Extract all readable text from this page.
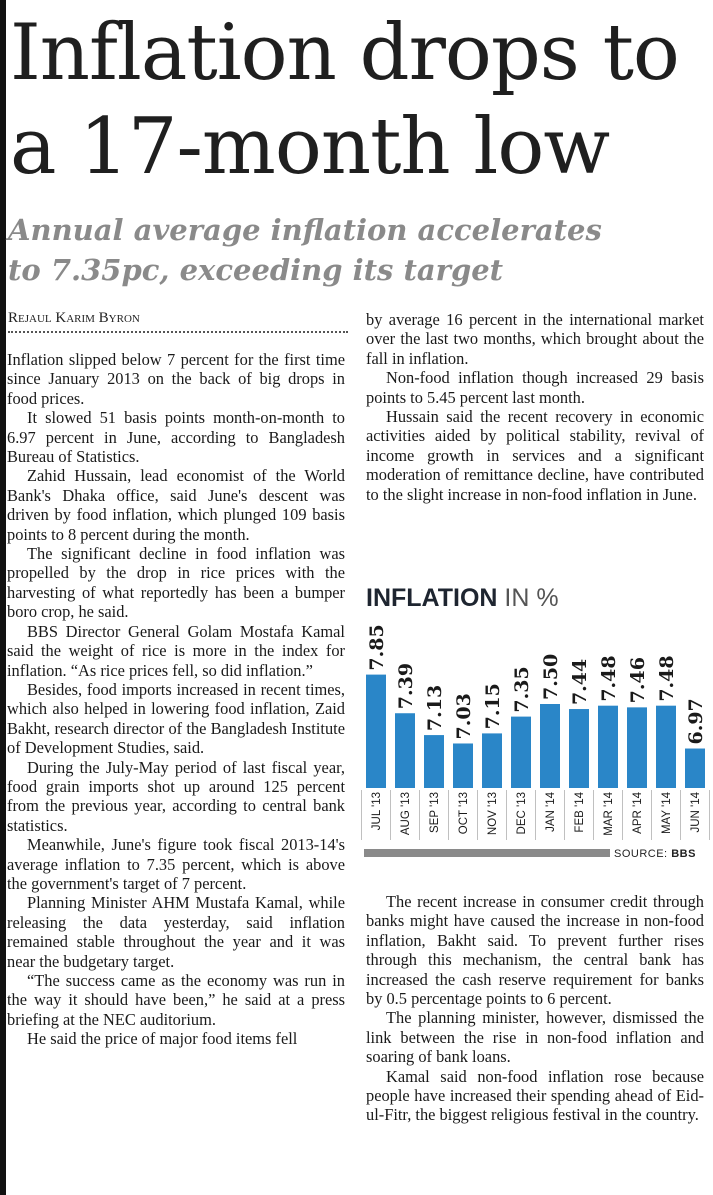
Inflation drops to
a 17-month low
Annual average inflation accelerates
to 7.35pc, exceeding its target
Rejaul Karim Byron

Inflation slipped below 7 percent for the first time since January 2013 on the back of big drops in food prices.

It slowed 51 basis points month-on-month to 6.97 percent in June, according to Bangladesh Bureau of Statistics.

Zahid Hussain, lead economist of the World Bank's Dhaka office, said June's descent was driven by food inflation, which plunged 109 basis points to 8 percent during the month.

The significant decline in food inflation was propelled by the drop in rice prices with the harvesting of what reportedly has been a bumper boro crop, he said.

BBS Director General Golam Mostafa Kamal said the weight of rice is more in the index for inflation. “As rice prices fell, so did inflation.”

Besides, food imports increased in recent times, which also helped in lowering food inflation, Zaid Bakht, research director of the Bangladesh Institute of Development Studies, said.

During the July-May period of last fiscal year, food grain imports shot up around 125 percent from the previous year, according to central bank statistics.

Meanwhile, June's figure took fiscal 2013-14's average inflation to 7.35 percent, which is above the government's target of 7 percent.

Planning Minister AHM Mustafa Kamal, while releasing the data yesterday, said inflation remained stable throughout the year and it was near the budgetary target.

“The success came as the economy was run in the way it should have been,” he said at a press briefing at the NEC auditorium.

He said the price of major food items fell

by average 16 percent in the international market over the last two months, which brought about the fall in inflation.

Non-food inflation though increased 29 basis points to 5.45 percent last month.

Hussain said the recent recovery in economic activities aided by political stability, revival of income growth in services and a significant moderation of remittance decline, have contributed to the slight increase in non-food inflation in June.

INFLATION IN %
7.85
JUL '13
7.39
AUG '13
7.13
SEP '13
7.03
OCT '13
7.15
NOV '13
7.35
DEC '13
7.50
JAN '14
7.44
FEB '14
7.48
MAR '14
7.46
APR '14
7.48
MAY '14
6.97
JUN '14
SOURCE: BBS

The recent increase in consumer credit through banks might have caused the increase in non-food inflation, Bakht said. To prevent further rises through this mechanism, the central bank has increased the cash reserve requirement for banks by 0.5 percentage points to 6 percent.

The planning minister, however, dismissed the link between the rise in non-food inflation and soaring of bank loans.

Kamal said non-food inflation rose because people have increased their spending ahead of Eid-ul-Fitr, the biggest religious festival in the country.
